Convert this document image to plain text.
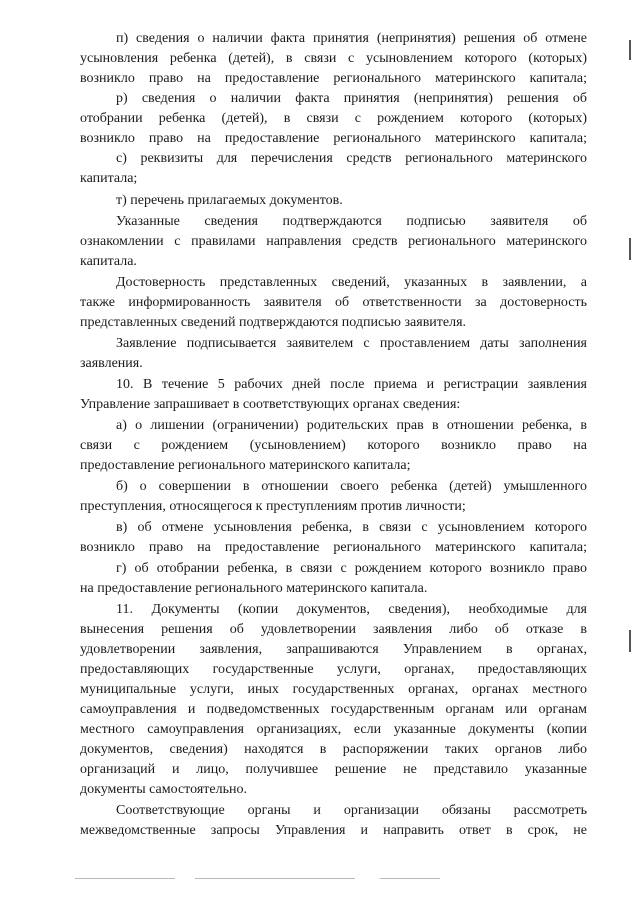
п) сведения о наличии факта принятия (непринятия) решения об отмене
усыновления ребенка (детей), в связи с усыновлением которого (которых)
возникло право на предоставление регионального материнского капитала;
р) сведения о наличии факта принятия (непринятия) решения об
отобрании ребенка (детей), в связи с рождением которого (которых)
возникло право на предоставление регионального материнского капитала;
с) реквизиты для перечисления средств регионального материнского
капитала;
т) перечень прилагаемых документов.
Указанные сведения подтверждаются подписью заявителя об
ознакомлении с правилами направления средств регионального материнского
капитала.
Достоверность представленных сведений, указанных в заявлении, а
также информированность заявителя об ответственности за достоверность
представленных сведений подтверждаются подписью заявителя.
Заявление подписывается заявителем с проставлением даты заполнения
заявления.
10. В течение 5 рабочих дней после приема и регистрации заявления
Управление запрашивает в соответствующих органах сведения:
а) о лишении (ограничении) родительских прав в отношении ребенка, в
связи с рождением (усыновлением) которого возникло право на
предоставление регионального материнского капитала;
б) о совершении в отношении своего ребенка (детей) умышленного
преступления, относящегося к преступлениям против личности;
в) об отмене усыновления ребенка, в связи с усыновлением которого
возникло право на предоставление регионального материнского капитала;
г) об отобрании ребенка, в связи с рождением которого возникло право
на предоставление регионального материнского капитала.
11. Документы (копии документов, сведения), необходимые для
вынесения решения об удовлетворении заявления либо об отказе в
удовлетворении заявления, запрашиваются Управлением в органах,
предоставляющих государственные услуги, органах, предоставляющих
муниципальные услуги, иных государственных органах, органах местного
самоуправления и подведомственных государственным органам или органам
местного самоуправления организациях, если указанные документы (копии
документов, сведения) находятся в распоряжении таких органов либо
организаций и лицо, получившее решение не представило указанные
документы самостоятельно.
Соответствующие органы и организации обязаны рассмотреть
межведомственные запросы Управления и направить ответ в срок, не
